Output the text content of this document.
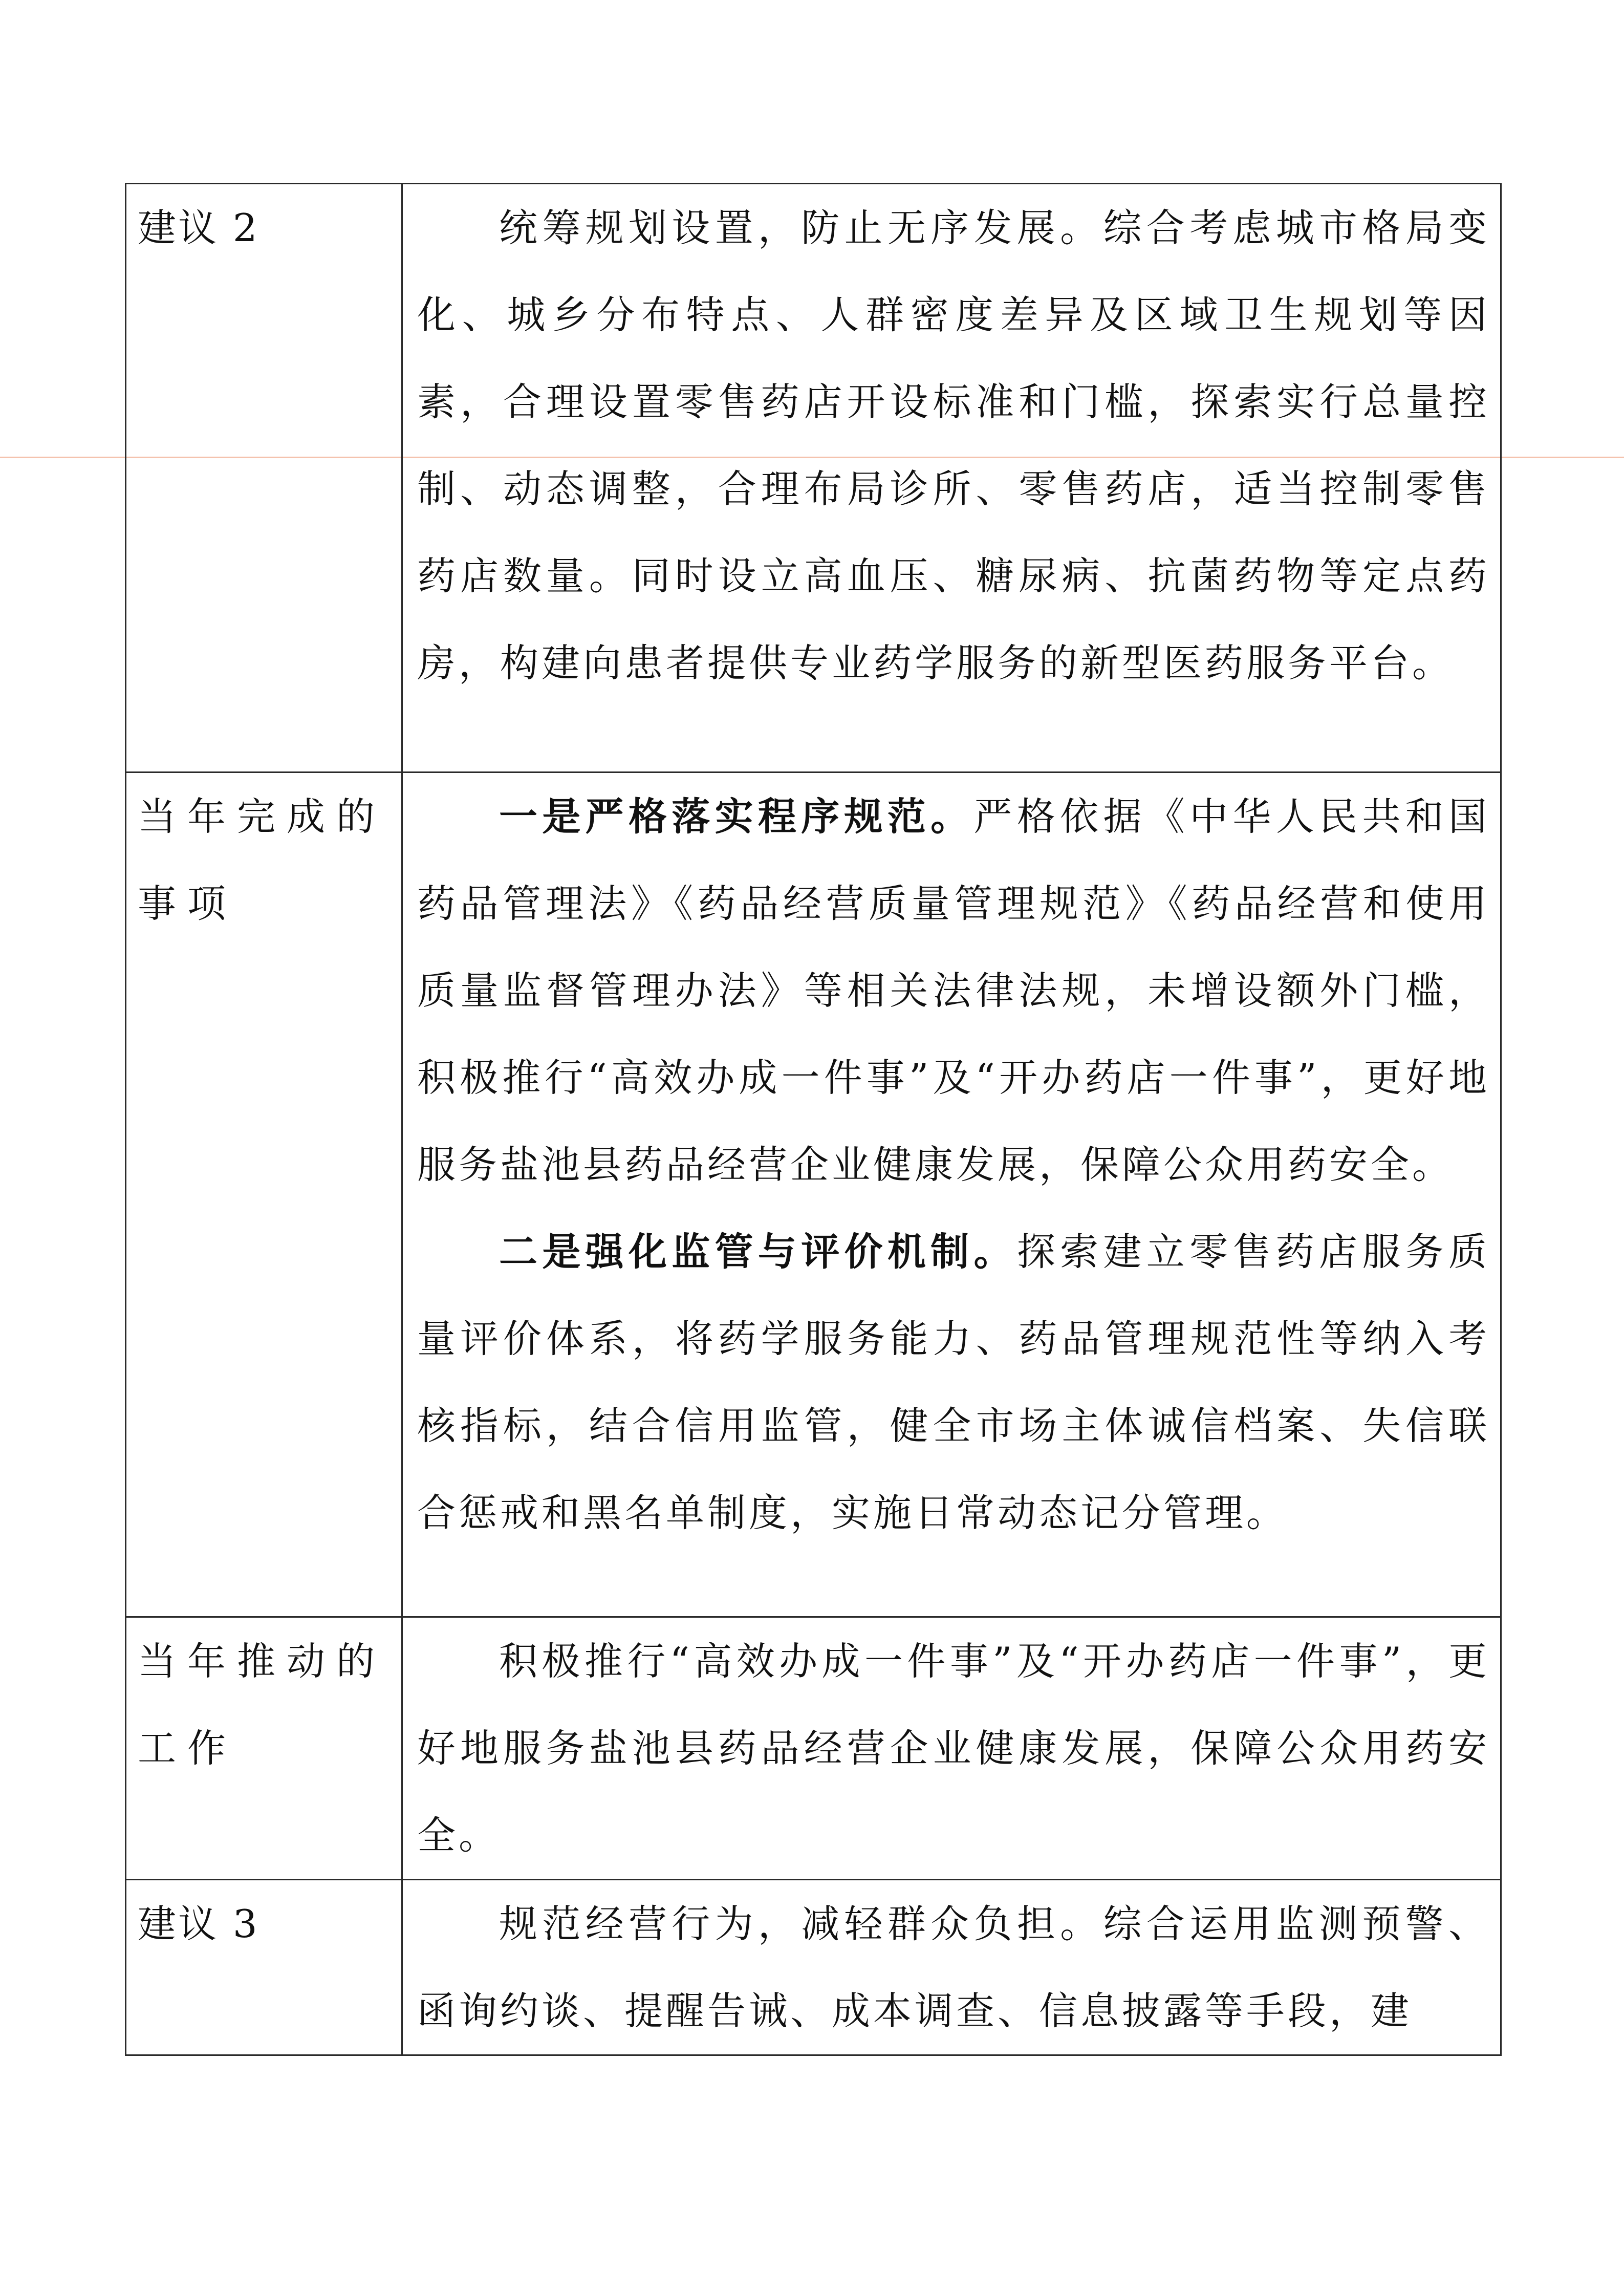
建议 2	统筹规划设置，防止无序发展。综合考虑城市格局变化、城乡分布特点、人群密度差异及区域卫生规划等因素，合理设置零售药店开设标准和门槛，探索实行总量控制、动态调整，合理布局诊所、零售药店，适当控制零售药店数量。同时设立高血压、糖尿病、抗菌药物等定点药房，构建向患者提供专业药学服务的新型医药服务平台。

当年完成的事项	一是严格落实程序规范。严格依据《中华人民共和国药品管理法》《药品经营质量管理规范》《药品经营和使用质量监督管理办法》等相关法律法规，未增设额外门槛，积极推行“高效办成一件事”及“开办药店一件事”，更好地服务盐池县药品经营企业健康发展，保障公众用药安全。

二是强化监管与评价机制。探索建立零售药店服务质量评价体系，将药学服务能力、药品管理规范性等纳入考核指标，结合信用监管，健全市场主体诚信档案、失信联合惩戒和黑名单制度，实施日常动态记分管理。

当年推动的工作	积极推行“高效办成一件事”及“开办药店一件事”，更好地服务盐池县药品经营企业健康发展，保障公众用药安全。

建议 3	规范经营行为，减轻群众负担。综合运用监测预警、函询约谈、提醒告诫、成本调查、信息披露等手段，建
